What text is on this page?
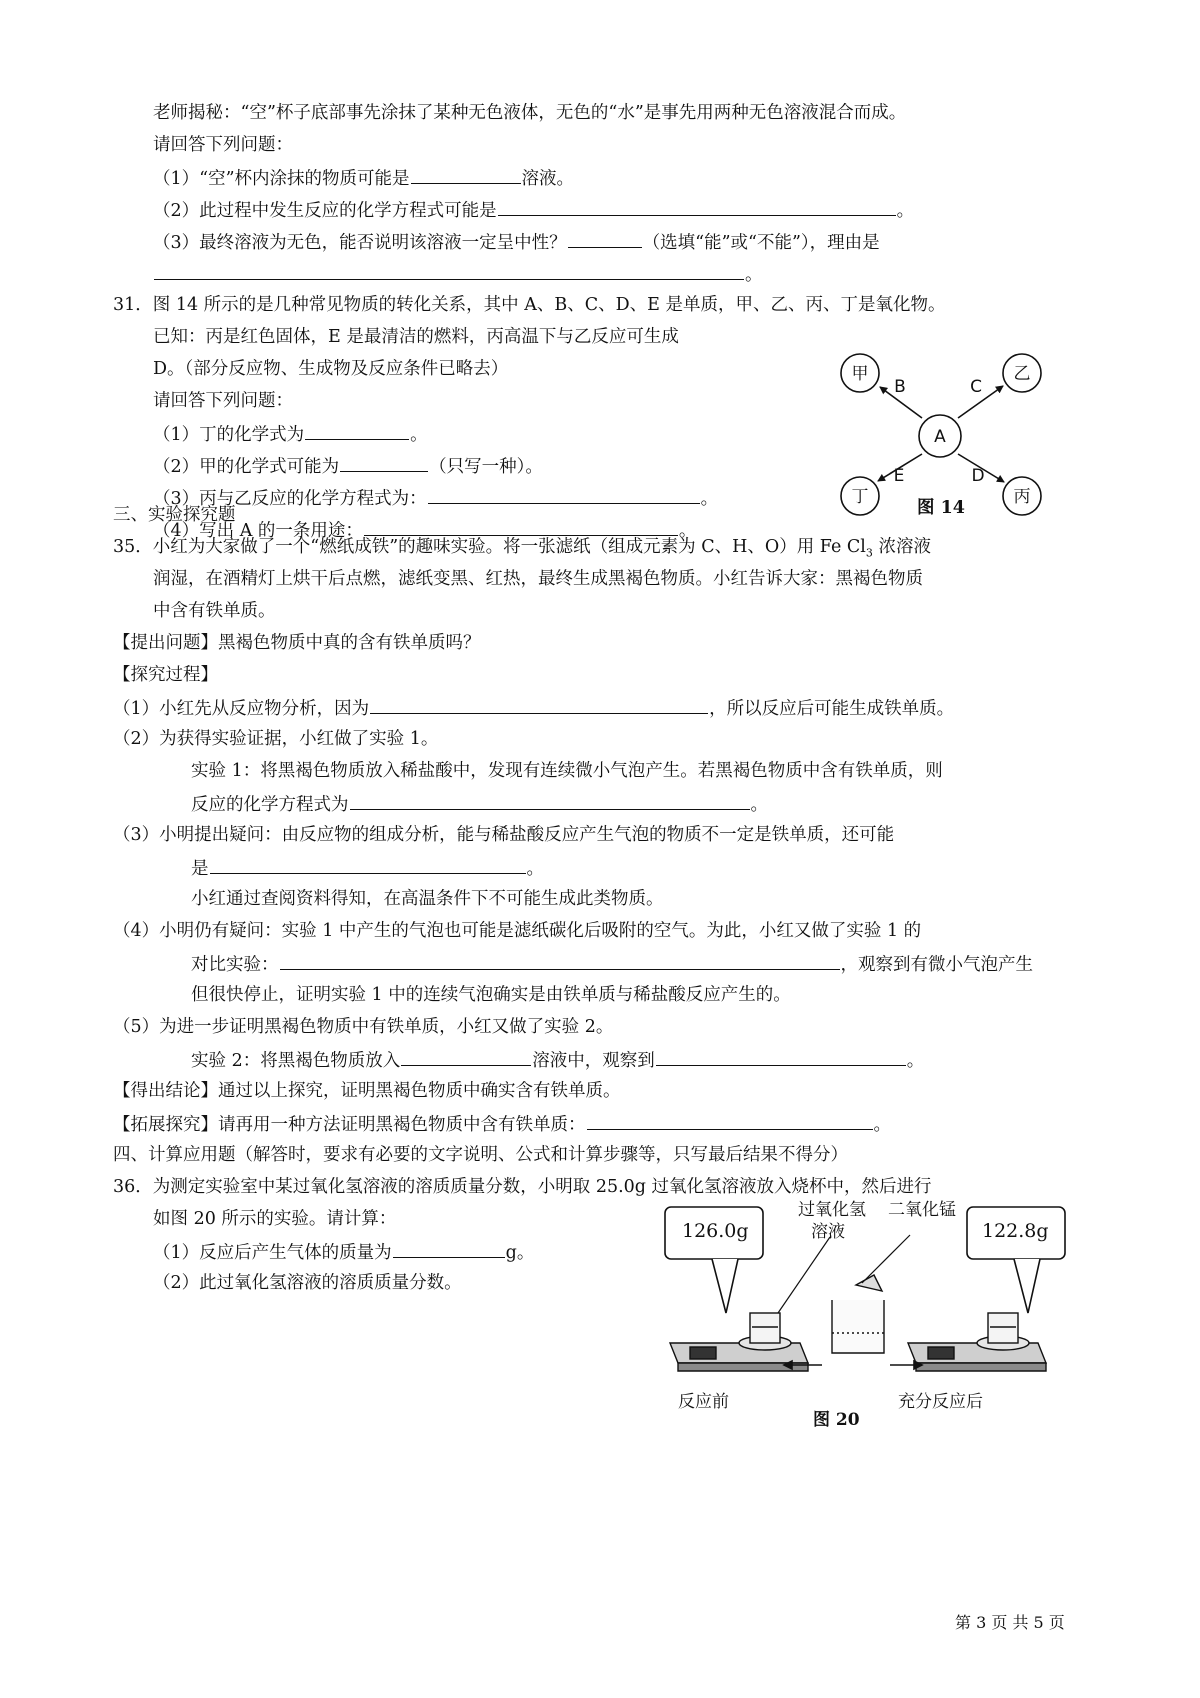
老师揭秘：“空”杯子底部事先涂抹了某种无色液体，无色的“水”是事先用两种无色溶液混合而成。
请回答下列问题：
（1）“空”杯内涂抹的物质可能是	溶液。
（2）此过程中发生反应的化学方程式可能是	。
（3）最终溶液为无色，能否说明该溶液一定呈中性？	（选填“能”或“不能”），理由是
。
31．图 14 所示的是几种常见物质的转化关系，其中 A、B、C、D、E 是单质，甲、乙、丙、丁是氧化物。
已知：丙是红色固体，E 是最清洁的燃料，丙高温下与乙反应可生成
D。（部分反应物、生成物及反应条件已略去）
请回答下列问题：
（1）丁的化学式为	。
（2）甲的化学式可能为	（只写一种）。
（3）丙与乙反应的化学方程式为：	。
（4）写出 A 的一条用途：	。
A
甲	乙
丁	丙
B	C
E	D
图 14
三、实验探究题
35．小红为大家做了一个“燃纸成铁”的趣味实验。将一张滤纸（组成元素为 C、H、O）用 Fe $Cl_3$ 浓溶液
润湿，在酒精灯上烘干后点燃，滤纸变黑、红热，最终生成黑褐色物质。小红告诉大家：黑褐色物质
中含有铁单质。
【提出问题】黑褐色物质中真的含有铁单质吗？
【探究过程】
（1）小红先从反应物分析，因为	，所以反应后可能生成铁单质。
（2）为获得实验证据，小红做了实验 1。
实验 1：将黑褐色物质放入稀盐酸中，发现有连续微小气泡产生。若黑褐色物质中含有铁单质，则
反应的化学方程式为	。
（3）小明提出疑问：由反应物的组成分析，能与稀盐酸反应产生气泡的物质不一定是铁单质，还可能
是	。
小红通过查阅资料得知，在高温条件下不可能生成此类物质。
（4）小明仍有疑问：实验 1 中产生的气泡也可能是滤纸碳化后吸附的空气。为此，小红又做了实验 1 的
对比实验：	，观察到有微小气泡产生
但很快停止，证明实验 1 中的连续气泡确实是由铁单质与稀盐酸反应产生的。
（5）为进一步证明黑褐色物质中有铁单质，小红又做了实验 2。
实验 2：将黑褐色物质放入	溶液中，观察到	。
【得出结论】通过以上探究，证明黑褐色物质中确实含有铁单质。
【拓展探究】请再用一种方法证明黑褐色物质中含有铁单质：	。
四、计算应用题（解答时，要求有必要的文字说明、公式和计算步骤等，只写最后结果不得分）
36．为测定实验室中某过氧化氢溶液的溶质质量分数，小明取 25.0g 过氧化氢溶液放入烧杯中，然后进行
如图 20 所示的实验。请计算：
（1）反应后产生气体的质量为	g。
（2）此过氧化氢溶液的溶质质量分数。
126.0g	122.8g
过氧化氢
溶液
二氧化锰
反应前	充分反应后
图 20
第 3 页 共 5 页
